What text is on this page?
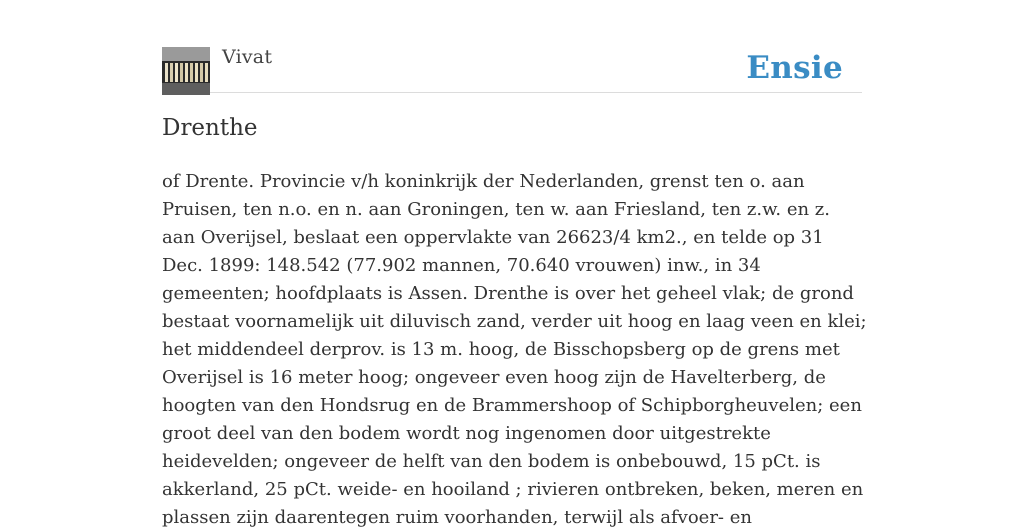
Vivat	Ensie
Drenthe

of Drente. Provincie v/h koninkrijk der Nederlanden, grenst ten o. aan Pruisen, ten n.o. en n. aan Groningen, ten w. aan Friesland, ten z.w. en z. aan Overijsel, beslaat een oppervlakte van 26623/4 km2., en telde op 31 Dec. 1899: 148.542 (77.902 mannen, 70.640 vrouwen) inw., in 34 gemeenten; hoofdplaats is Assen. Drenthe is over het geheel vlak; de grond bestaat voornamelijk uit diluvisch zand, verder uit hoog en laag veen en klei; het middendeel derprov. is 13 m. hoog, de Bisschopsberg op de grens met Overijsel is 16 meter hoog; ongeveer even hoog zijn de Havelterberg, de hoogten van den Hondsrug en de Brammershoop of Schipborgheuvelen; een groot deel van den bodem wordt nog ingenomen door uitgestrekte heidevelden; ongeveer de helft van den bodem is onbebouwd, 15 pCt. is akkerland, 25 pCt. weide- en hooiland ; rivieren ontbreken, beken, meren en plassen zijn daarentegen ruim voorhanden, terwijl als afvoer- en
